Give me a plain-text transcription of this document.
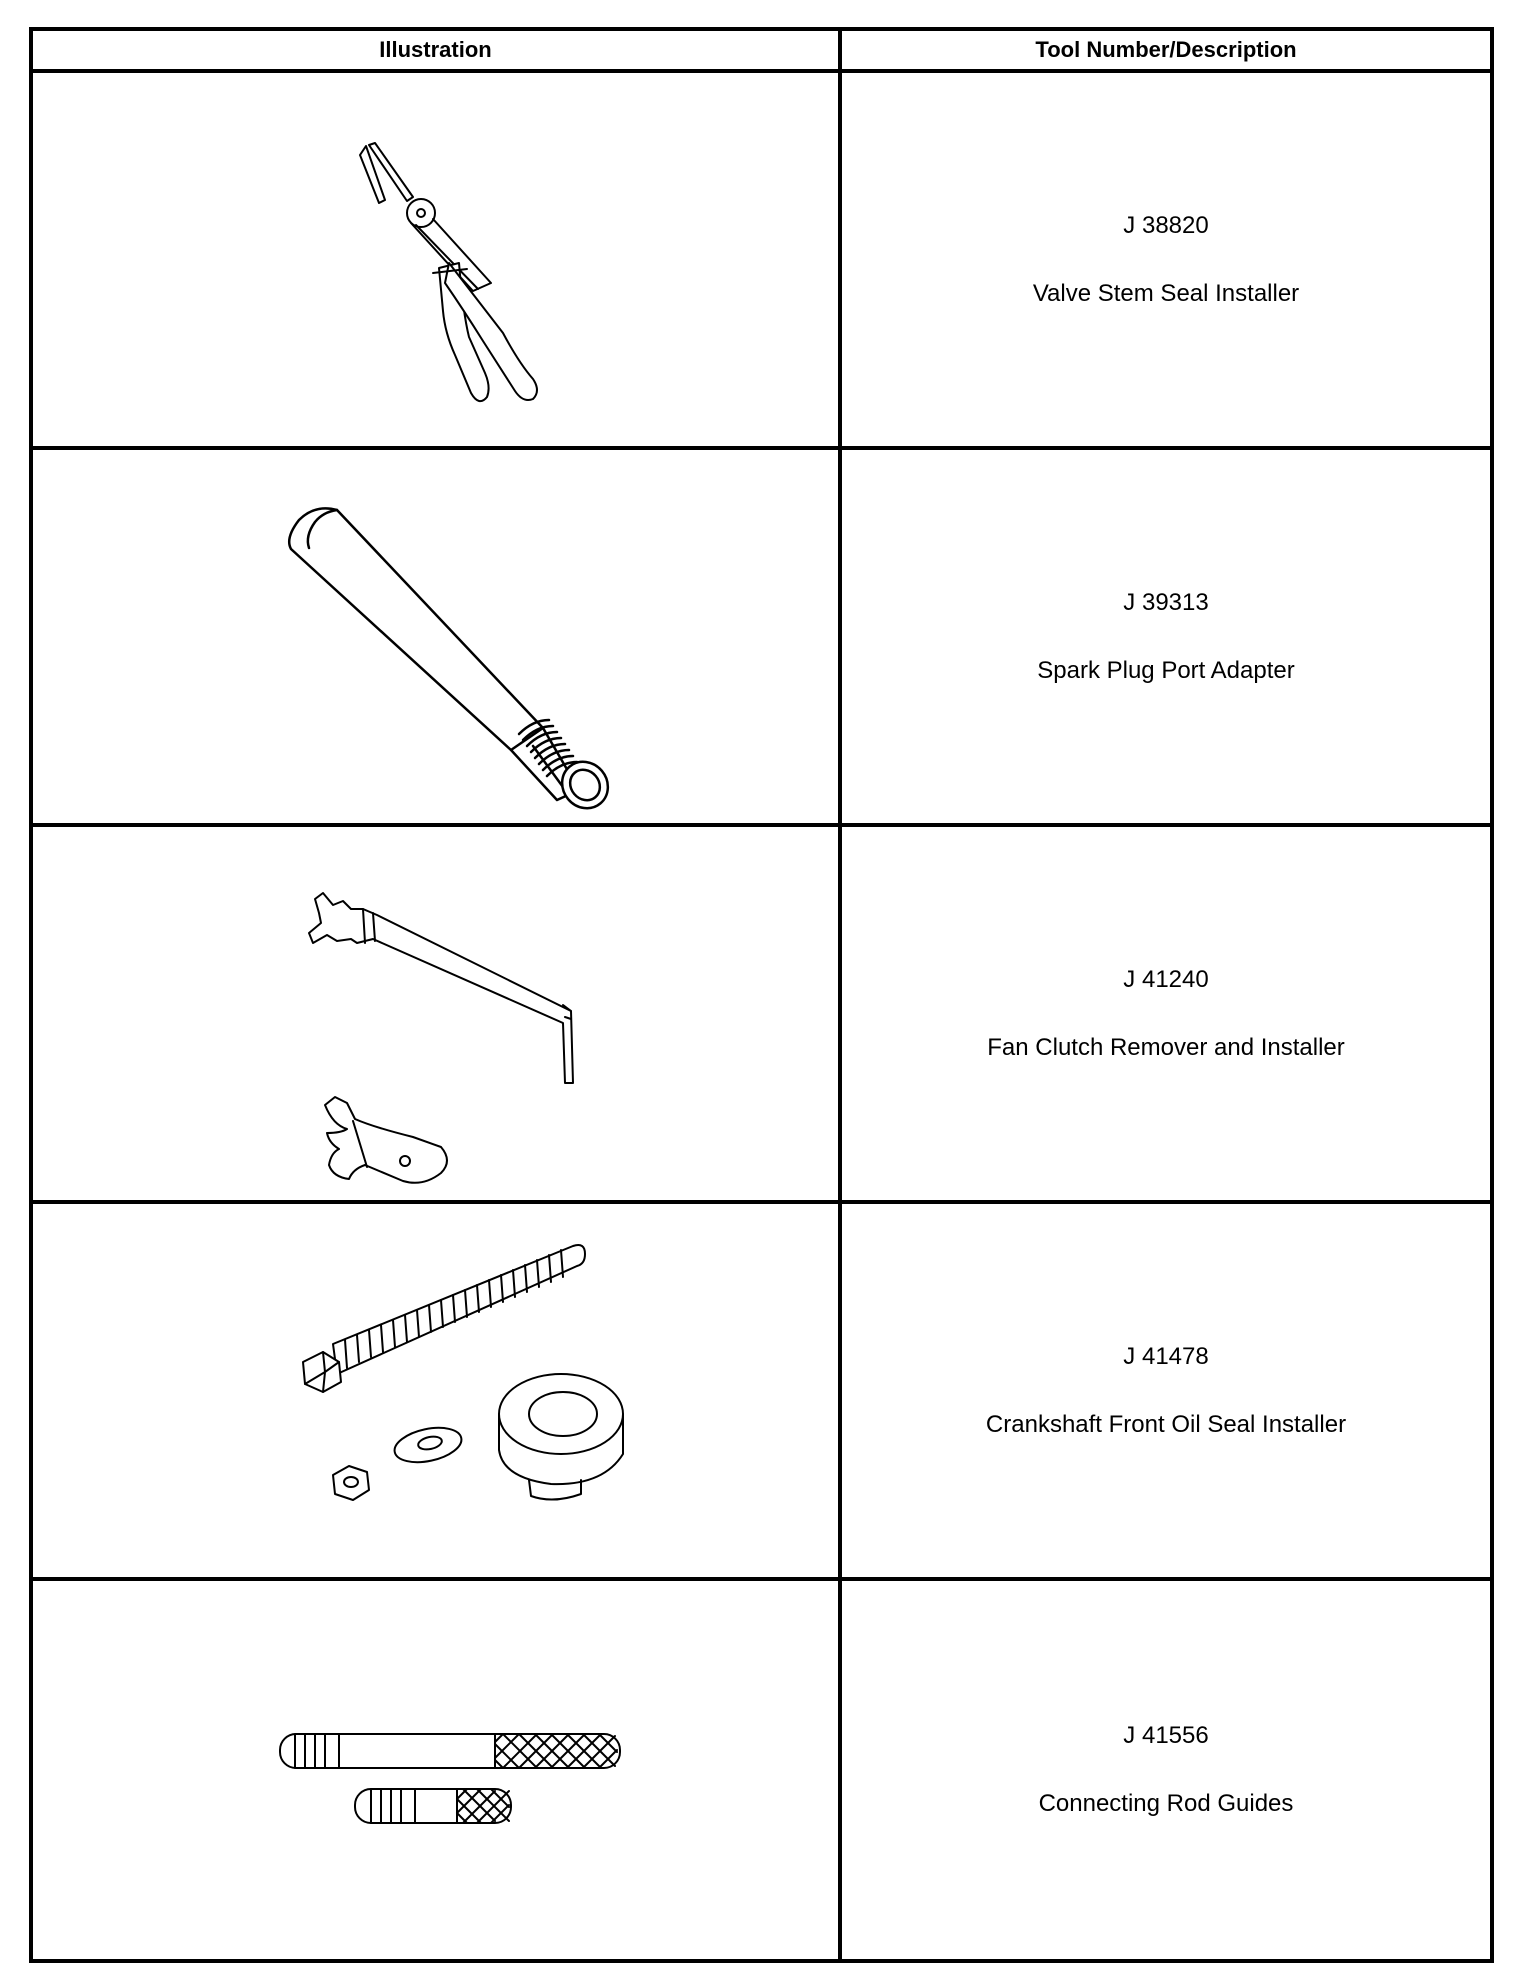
Illustration	Tool Number/Description
J 38820
Valve Stem Seal Installer
J 39313
Spark Plug Port Adapter
J 41240
Fan Clutch Remover and Installer
J 41478
Crankshaft Front Oil Seal Installer
J 41556
Connecting Rod Guides
